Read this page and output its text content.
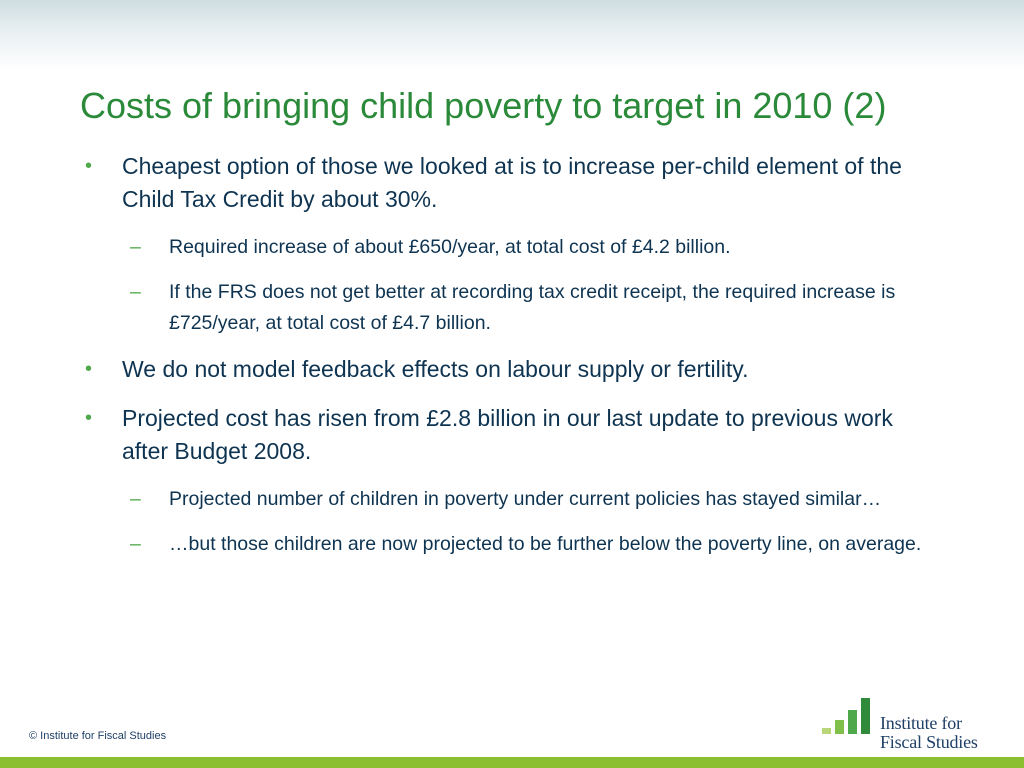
Costs of bringing child poverty to target in 2010 (2)
• Cheapest option of those we looked at is to increase per-child element of the Child Tax Credit by about 30%.
– Required increase of about £650/year, at total cost of £4.2 billion.
– If the FRS does not get better at recording tax credit receipt, the required increase is £725/year, at total cost of £4.7 billion.
• We do not model feedback effects on labour supply or fertility.
• Projected cost has risen from £2.8 billion in our last update to previous work after Budget 2008.
– Projected number of children in poverty under current policies has stayed similar…
– …but those children are now projected to be further below the poverty line, on average.
© Institute for Fiscal Studies
Institute for
Fiscal Studies
